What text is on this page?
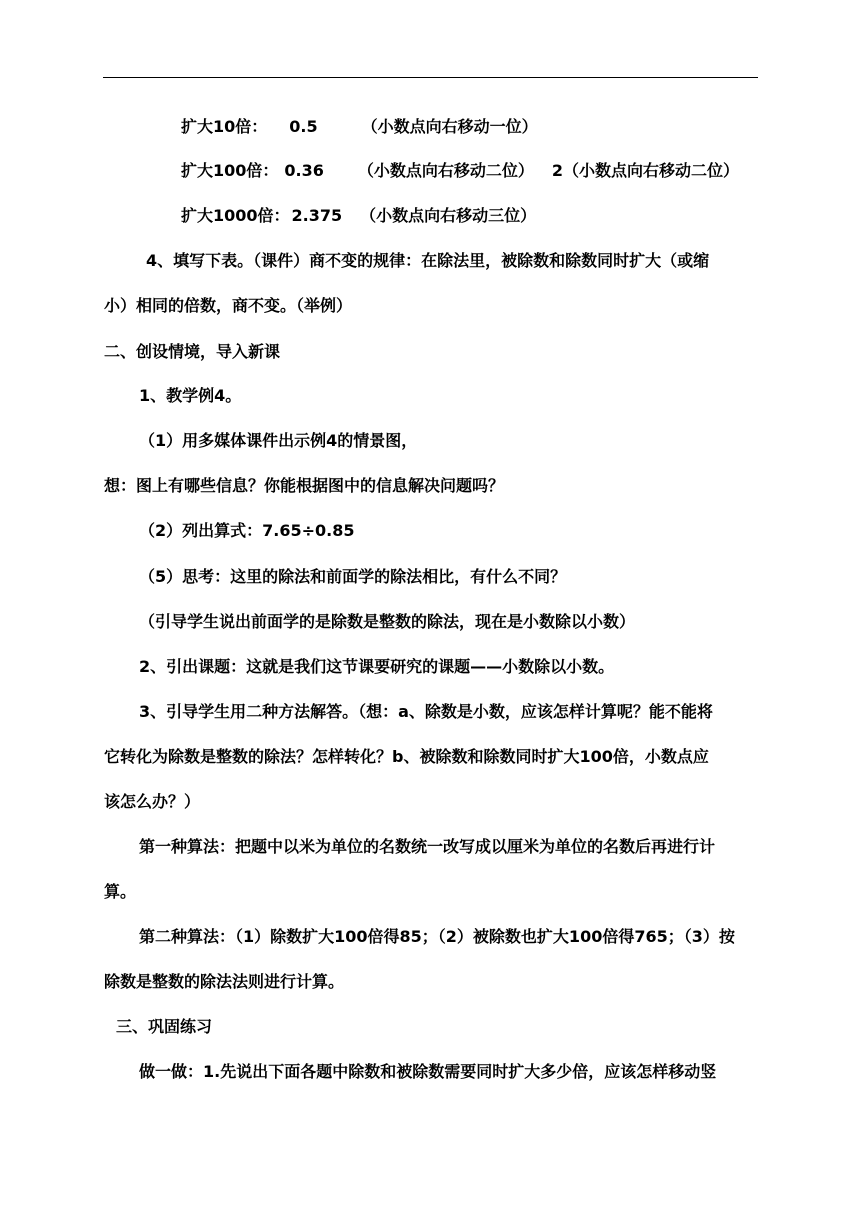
扩大10倍： 0.5	（小数点向右移动一位）
扩大100倍： 0.36 （小数点向右移动二位） 2（小数点向右移动二位）
扩大1000倍： 2.375 （小数点向右移动三位）
4、填写下表。（课件）商不变的规律：在除法里，被除数和除数同时扩大（或缩
小）相同的倍数，商不变。（举例）
二、创设情境，导入新课
1、教学例4。
（1）用多媒体课件出示例4的情景图，
想：图上有哪些信息？你能根据图中的信息解决问题吗？
（2）列出算式：7.65÷0.85
（5）思考：这里的除法和前面学的除法相比，有什么不同？
（引导学生说出前面学的是除数是整数的除法，现在是小数除以小数）
2、引出课题：这就是我们这节课要研究的课题——小数除以小数。
3、引导学生用二种方法解答。（想：a、除数是小数，应该怎样计算呢？能不能将
它转化为除数是整数的除法？怎样转化？b、被除数和除数同时扩大100倍，小数点应
该怎么办？）
第一种算法：把题中以米为单位的名数统一改写成以厘米为单位的名数后再进行计
算。
第二种算法：（1）除数扩大100倍得85；（2）被除数也扩大100倍得765；（3）按
除数是整数的除法法则进行计算。
三、巩固练习
做一做：1.先说出下面各题中除数和被除数需要同时扩大多少倍，应该怎样移动竖
